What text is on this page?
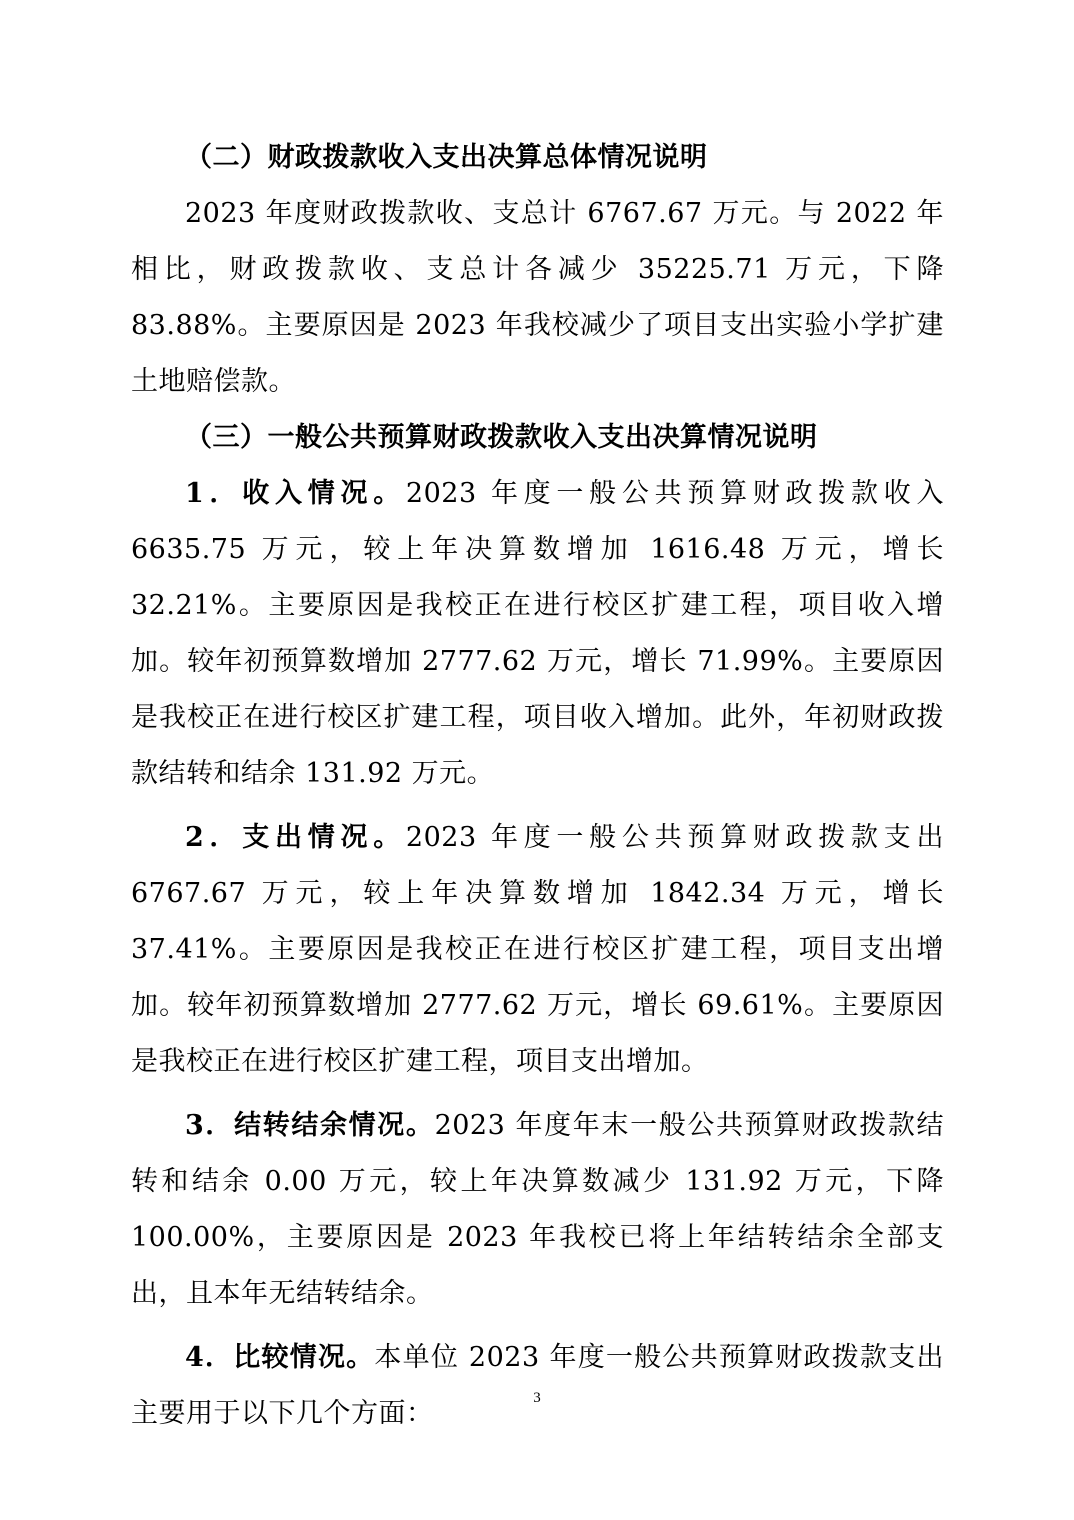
（二）财政拨款收入支出决算总体情况说明

2023 年度财政拨款收、支总计 6767.67 万元。与 2022 年相比，财政拨款收、支总计各减少 35225.71 万元，下降 83.88%。主要原因是 2023 年我校减少了项目支出实验小学扩建土地赔偿款。

（三）一般公共预算财政拨款收入支出决算情况说明

1．收入情况。2023 年度一般公共预算财政拨款收入 6635.75 万元，较上年决算数增加 1616.48 万元，增长 32.21%。主要原因是我校正在进行校区扩建工程，项目收入增加。较年初预算数增加 2777.62 万元，增长 71.99%。主要原因是我校正在进行校区扩建工程，项目收入增加。此外，年初财政拨款结转和结余 131.92 万元。

2．支出情况。2023 年度一般公共预算财政拨款支出 6767.67 万元，较上年决算数增加 1842.34 万元，增长 37.41%。主要原因是我校正在进行校区扩建工程，项目支出增加。较年初预算数增加 2777.62 万元，增长 69.61%。主要原因是我校正在进行校区扩建工程，项目支出增加。

3．结转结余情况。2023 年度年末一般公共预算财政拨款结转和结余 0.00 万元，较上年决算数减少 131.92 万元，下降 100.00%，主要原因是 2023 年我校已将上年结转结余全部支出，且本年无结转结余。

4．比较情况。本单位 2023 年度一般公共预算财政拨款支出主要用于以下几个方面：	3
